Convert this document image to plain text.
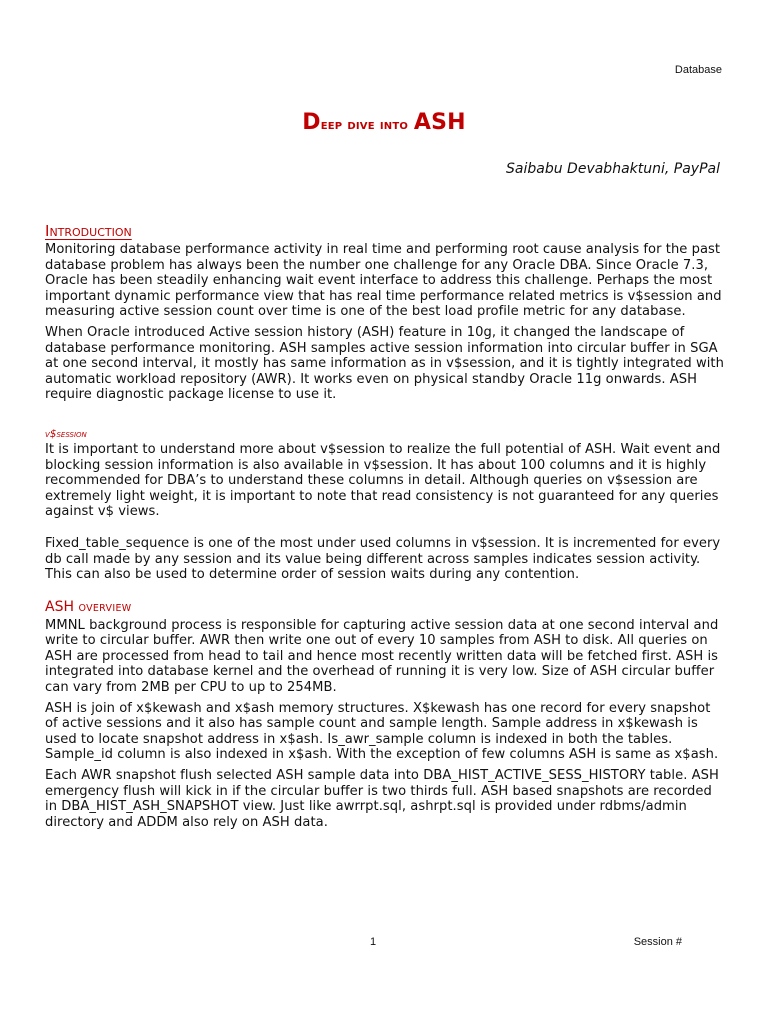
Database
Deep dive into ASH
Saibabu Devabhaktuni, PayPal
INTRODUCTION

Monitoring database performance activity in real time and performing root cause analysis for the past database problem has always been the number one challenge for any Oracle DBA. Since Oracle 7.3, Oracle has been steadily enhancing wait event interface to address this challenge. Perhaps the most important dynamic performance view that has real time performance related metrics is v$session and measuring active session count over time is one of the best load profile metric for any database.

When Oracle introduced Active session history (ASH) feature in 10g, it changed the landscape of database performance monitoring. ASH samples active session information into circular buffer in SGA at one second interval, it mostly has same information as in v$session, and it is tightly integrated with automatic workload repository (AWR). It works even on physical standby Oracle 11g onwards. ASH require diagnostic package license to use it.

v$session

It is important to understand more about v$session to realize the full potential of ASH. Wait event and blocking session information is also available in v$session. It has about 100 columns and it is highly recommended for DBA’s to understand these columns in detail. Although queries on v$session are extremely light weight, it is important to note that read consistency is not guaranteed for any queries against v$ views.

Fixed_table_sequence is one of the most under used columns in v$session. It is incremented for every db call made by any session and its value being different across samples indicates session activity. This can also be used to determine order of session waits during any contention.

ASH OVERVIEW

MMNL background process is responsible for capturing active session data at one second interval and write to circular buffer. AWR then write one out of every 10 samples from ASH to disk. All queries on ASH are processed from head to tail and hence most recently written data will be fetched first. ASH is integrated into database kernel and the overhead of running it is very low. Size of ASH circular buffer can vary from 2MB per CPU to up to 254MB.

ASH is join of x$kewash and x$ash memory structures. X$kewash has one record for every snapshot of active sessions and it also has sample count and sample length. Sample address in x$kewash is used to locate snapshot address in x$ash. Is_awr_sample column is indexed in both the tables. Sample_id column is also indexed in x$ash. With the exception of few columns ASH is same as x$ash.

Each AWR snapshot flush selected ASH sample data into DBA_HIST_ACTIVE_SESS_HISTORY table. ASH emergency flush will kick in if the circular buffer is two thirds full. ASH based snapshots are recorded in DBA_HIST_ASH_SNAPSHOT view. Just like awrrpt.sql, ashrpt.sql is provided under rdbms/admin directory and ADDM also rely on ASH data.

1	Session #
